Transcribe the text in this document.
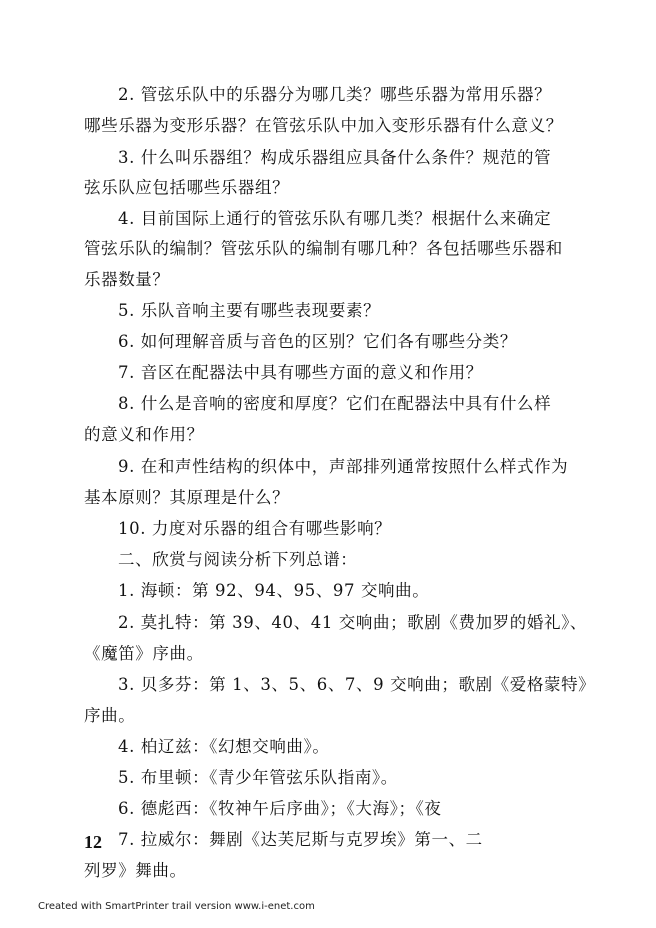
2. 管弦乐队中的乐器分为哪几类？哪些乐器为常用乐器？
哪些乐器为变形乐器？在管弦乐队中加入变形乐器有什么意义？
3. 什么叫乐器组？构成乐器组应具备什么条件？规范的管
弦乐队应包括哪些乐器组？
4. 目前国际上通行的管弦乐队有哪几类？根据什么来确定
管弦乐队的编制？管弦乐队的编制有哪几种？各包括哪些乐器和
乐器数量？
5. 乐队音响主要有哪些表现要素？
6. 如何理解音质与音色的区别？它们各有哪些分类？
7. 音区在配器法中具有哪些方面的意义和作用？
8. 什么是音响的密度和厚度？它们在配器法中具有什么样
的意义和作用？
9. 在和声性结构的织体中，声部排列通常按照什么样式作为
基本原则？其原理是什么？
10. 力度对乐器的组合有哪些影响？
二、欣赏与阅读分析下列总谱：
1. 海顿：第 92、94、95、97 交响曲。
2. 莫扎特：第 39、40、41 交响曲；歌剧《费加罗的婚礼》、
《魔笛》序曲。
3. 贝多芬：第 1、3、5、6、7、9 交响曲；歌剧《爱格蒙特》
序曲。
4. 柏辽兹：《幻想交响曲》。
5. 布里顿：《青少年管弦乐队指南》。
6. 德彪西：《牧神午后序曲》；《大海》；《夜
7. 拉威尔：舞剧《达芙尼斯与克罗埃》第一、二
列罗》舞曲。
12
Created with SmartPrinter trail version www.i-enet.com
